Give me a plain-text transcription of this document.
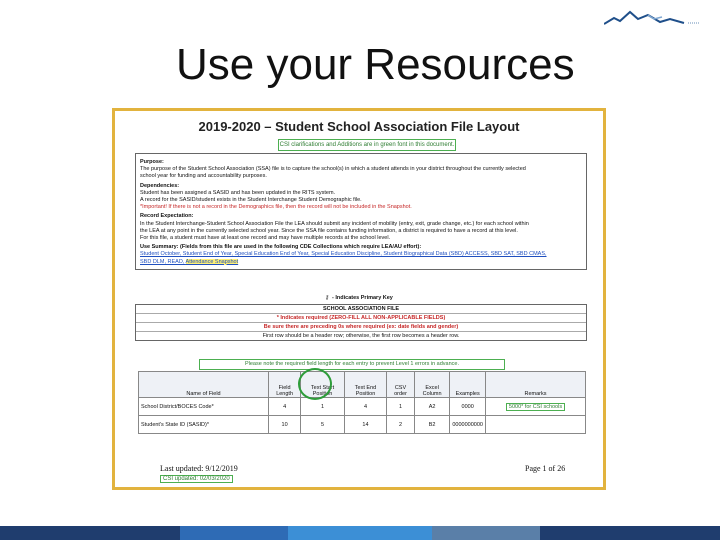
Use your Resources
2019-2020 – Student School Association File Layout
CSI clarifications and Additions are in green font in this document.
Purpose:
The purpose of the Student School Association (SSA) file is to capture the school(s) in which a student attends in your district throughout the currently selected
school year for funding and accountability purposes.
Dependencies:
Student has been assigned a SASID and has been updated in the RITS system.
A record for the SASID/student exists in the Student Interchange Student Demographic file.
*Important! If there is not a record in the Demographics file, then the record will not be included in the Snapshot.
Record Expectation:
In the Student Interchange-Student School Association File the LEA should submit any incident of mobility (entry, exit, grade change, etc.) for each school within
the LEA at any point in the currently selected school year. Since the SSA file contains funding information, a district is required to have a record at this level.
For this file, a student must have at least one record and may have multiple records at the school level.
Use Summary: (Fields from this file are used in the following CDE Collections which require LEA/AU effort):
Student October, Student End of Year, Special Education End of Year, Special Education Discipline, Student Biographical Data (SBD) ACCESS, SBD SAT, SBD CMAS,
SBD DLM, READ, Attendance Snapshot
⚷ - Indicates Primary Key
SCHOOL ASSOCIATION FILE
* Indicates required (ZERO-FILL ALL NON-APPLICABLE FIELDS)
Be sure there are preceding 0s where required (ex: date fields and gender)
First row should be a header row; otherwise, the first row becomes a header row.
Please note the required field length for each entry to prevent Level 1 errors in advance.
Name of Field	Field Length	Text Start Position	Text End Position	CSV order	Excel Column	Examples	Remarks
School District/BOCES Code*	4	1	4	1	A2	0000	5000* for CSI schools
Student's State ID (SASID)*	10	5	14	2	B2	0000000000	
Last updated: 9/12/2019
CSI updated: 02/03/2020
Page 1 of 26
